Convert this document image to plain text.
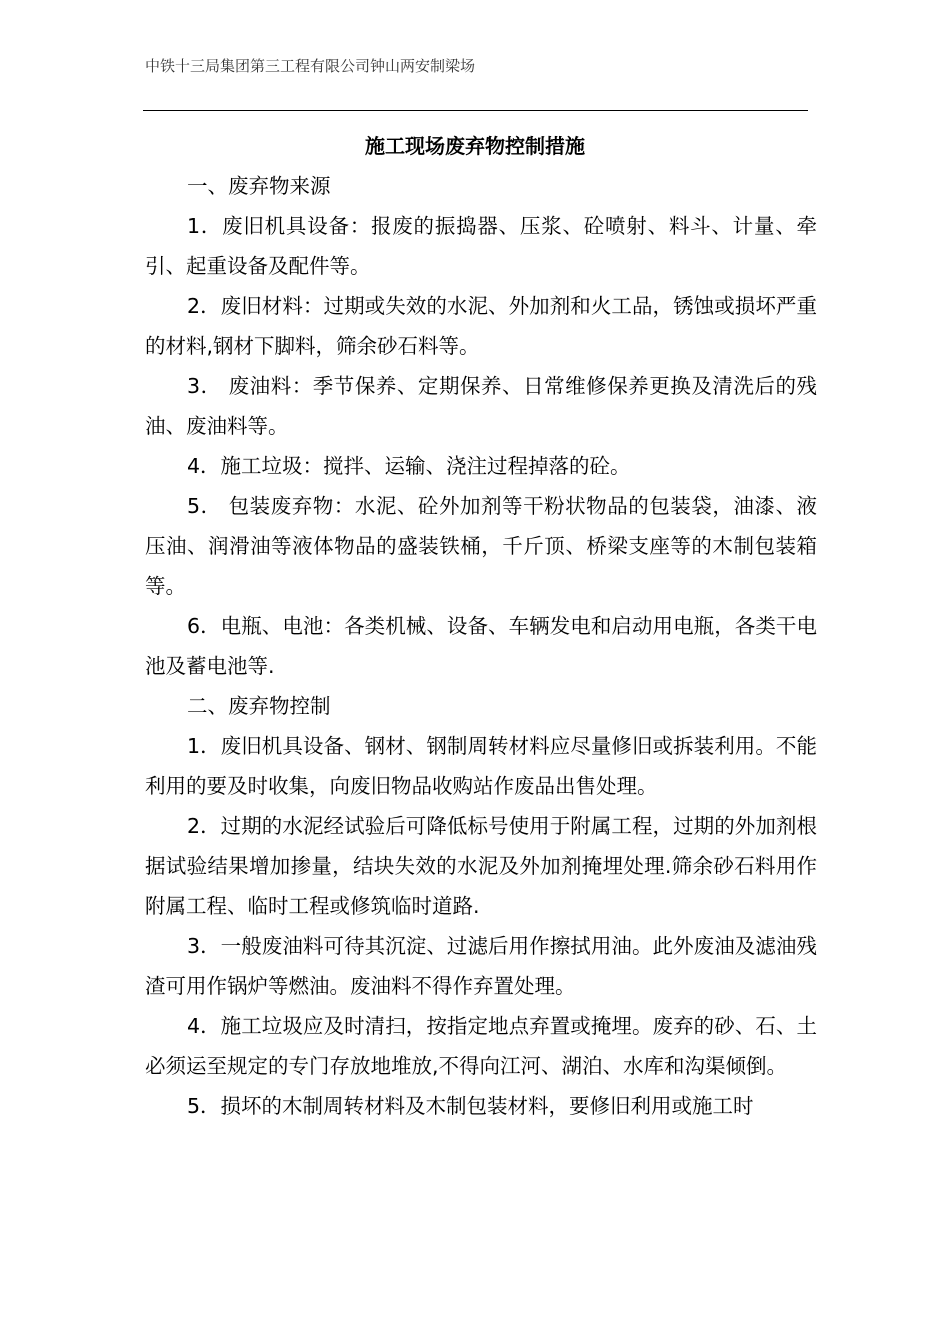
中铁十三局集团第三工程有限公司钟山两安制梁场
施工现场废弃物控制措施

一、废弃物来源

1．废旧机具设备：报废的振捣器、压浆、砼喷射、料斗、计量、牵引、起重设备及配件等。

2．废旧材料：过期或失效的水泥、外加剂和火工品，锈蚀或损坏严重的材料,钢材下脚料，筛余砂石料等。

3． 废油料：季节保养、定期保养、日常维修保养更换及清洗后的残油、废油料等。

4．施工垃圾：搅拌、运输、浇注过程掉落的砼。

5． 包装废弃物：水泥、砼外加剂等干粉状物品的包装袋，油漆、液压油、润滑油等液体物品的盛装铁桶，千斤顶、桥梁支座等的木制包装箱等。

6．电瓶、电池：各类机械、设备、车辆发电和启动用电瓶，各类干电池及蓄电池等.

二、废弃物控制

1．废旧机具设备、钢材、钢制周转材料应尽量修旧或拆装利用。不能利用的要及时收集，向废旧物品收购站作废品出售处理。

2．过期的水泥经试验后可降低标号使用于附属工程，过期的外加剂根据试验结果增加掺量，结块失效的水泥及外加剂掩埋处理.筛余砂石料用作附属工程、临时工程或修筑临时道路.

3．一般废油料可待其沉淀、过滤后用作擦拭用油。此外废油及滤油残渣可用作锅炉等燃油。废油料不得作弃置处理。

4．施工垃圾应及时清扫，按指定地点弃置或掩埋。废弃的砂、石、土必须运至规定的专门存放地堆放,不得向江河、湖泊、水库和沟渠倾倒。

5．损坏的木制周转材料及木制包装材料，要修旧利用或施工时
